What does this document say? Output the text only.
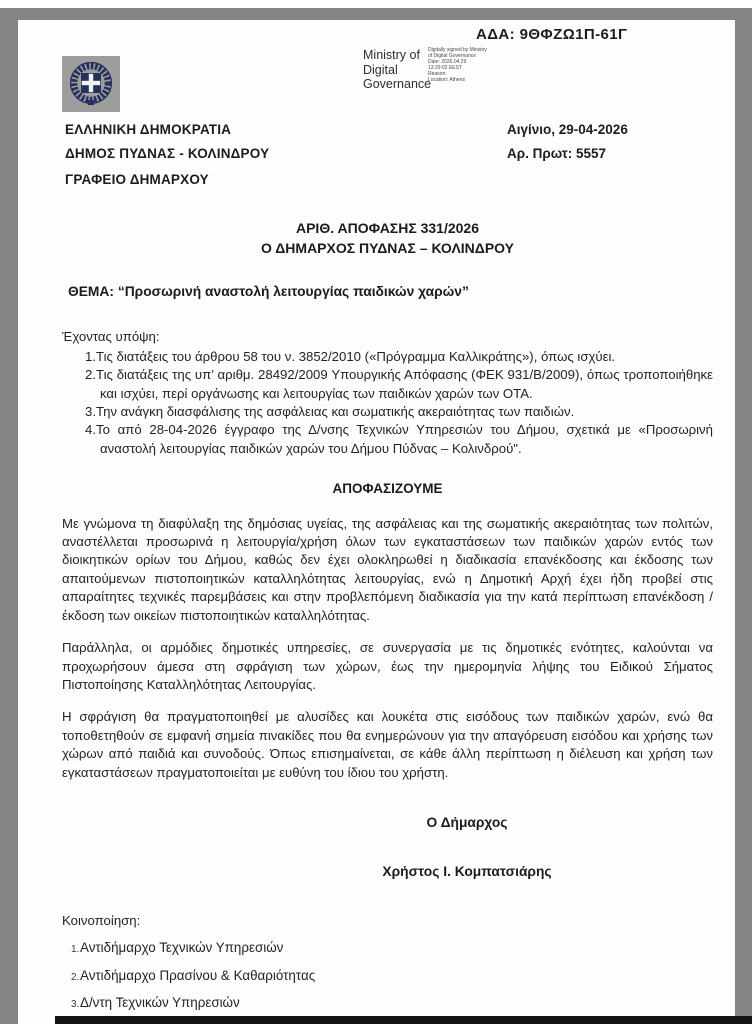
ΑΔΑ: 9ΘΦΖΩ1Π-61Γ
Ministry of
Digital
Governance
Digitally signed by Ministry
of Digital Governance
Date: 2026.04.29
13:29:02 EEST
Reason:
Location: Athens
ΕΛΛΗΝΙΚΗ ΔΗΜΟΚΡΑΤΙΑ
ΔΗΜΟΣ ΠΥΔΝΑΣ - ΚΟΛΙΝΔΡΟΥ
ΓΡΑΦΕΙΟ ΔΗΜΑΡΧΟΥ
Αιγίνιο, 29-04-2026
Αρ. Πρωτ: 5557
ΑΡΙΘ. ΑΠΟΦΑΣΗΣ 331/2026
Ο ΔΗΜΑΡΧΟΣ ΠΥΔΝΑΣ – ΚΟΛΙΝΔΡΟΥ
ΘΕΜΑ: “Προσωρινή αναστολή λειτουργίας παιδικών χαρών”
Έχοντας υπόψη:
1.Τις διατάξεις του άρθρου 58 του ν. 3852/2010 («Πρόγραμμα Καλλικράτης»), όπως ισχύει.
2.Τις διατάξεις της υπ’ αριθμ. 28492/2009 Υπουργικής Απόφασης (ΦΕΚ 931/Β/2009), όπως τροποποιήθηκε και ισχύει, περί οργάνωσης και λειτουργίας των παιδικών χαρών των ΟΤΑ.
3.Την ανάγκη διασφάλισης της ασφάλειας και σωματικής ακεραιότητας των παιδιών.
4.Το από 28-04-2026 έγγραφο της Δ/νσης Τεχνικών Υπηρεσιών του Δήμου, σχετικά με «Προσωρινή αναστολή λειτουργίας παιδικών χαρών του Δήμου Πύδνας – Κολινδρού".
ΑΠΟΦΑΣΙΖΟΥΜΕ
Με γνώμονα τη διαφύλαξη της δημόσιας υγείας, της ασφάλειας και της σωματικής ακεραιότητας των πολιτών, αναστέλλεται προσωρινά η λειτουργία/χρήση όλων των εγκαταστάσεων των παιδικών χαρών εντός των διοικητικών ορίων του Δήμου, καθώς δεν έχει ολοκληρωθεί η διαδικασία επανέκδοσης και έκδοσης των απαιτούμενων πιστοποιητικών καταλληλότητας λειτουργίας, ενώ η Δημοτική Αρχή έχει ήδη προβεί στις απαραίτητες τεχνικές παρεμβάσεις και στην προβλεπόμενη διαδικασία για την κατά περίπτωση επανέκδοση / έκδοση των οικείων πιστοποιητικών καταλληλότητας.
Παράλληλα, οι αρμόδιες δημοτικές υπηρεσίες, σε συνεργασία με τις δημοτικές ενότητες, καλούνται να προχωρήσουν άμεσα στη σφράγιση των χώρων, έως την ημερομηνία λήψης του Ειδικού Σήματος Πιστοποίησης Καταλληλότητας Λειτουργίας.
Η σφράγιση θα πραγματοποιηθεί με αλυσίδες και λουκέτα στις εισόδους των παιδικών χαρών, ενώ θα τοποθετηθούν σε εμφανή σημεία πινακίδες που θα ενημερώνουν για την απαγόρευση εισόδου και χρήσης των χώρων από παιδιά και συνοδούς. Όπως επισημαίνεται, σε κάθε άλλη περίπτωση η διέλευση και χρήση των εγκαταστάσεων πραγματοποιείται με ευθύνη του ίδιου του χρήστη.
Ο Δήμαρχος
Χρήστος Ι. Κομπατσιάρης
Κοινοποίηση:
1. Αντιδήμαρχο Τεχνικών Υπηρεσιών
2. Αντιδήμαρχο Πρασίνου & Καθαριότητας
3. Δ/ντη Τεχνικών Υπηρεσιών
